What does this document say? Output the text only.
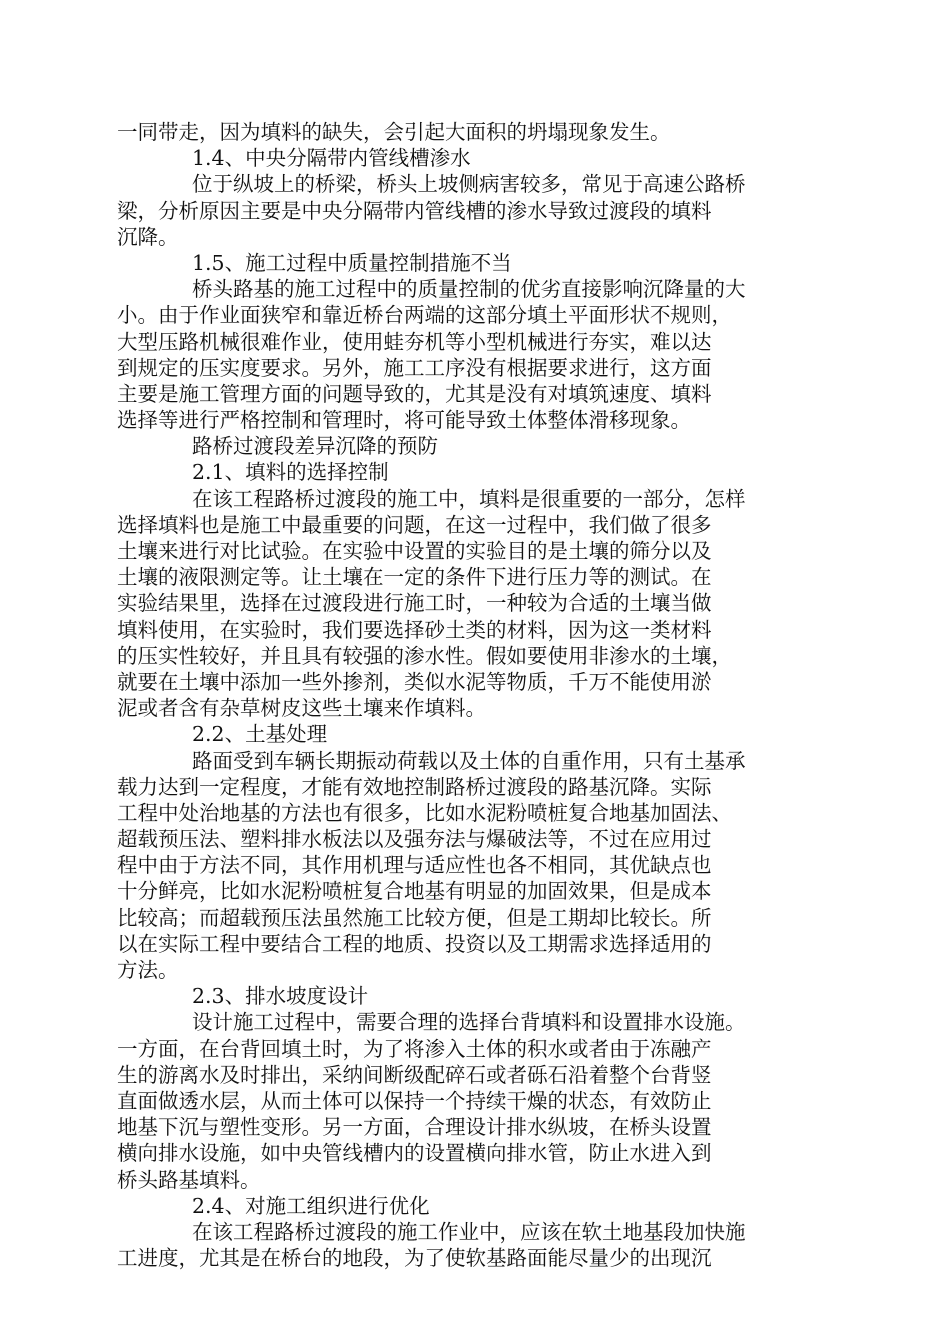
一同带走，因为填料的缺失，会引起大面积的坍塌现象发生。
1.4、中央分隔带内管线槽渗水
位于纵坡上的桥梁，桥头上坡侧病害较多，常见于高速公路桥
梁，分析原因主要是中央分隔带内管线槽的渗水导致过渡段的填料
沉降。
1.5、施工过程中质量控制措施不当
桥头路基的施工过程中的质量控制的优劣直接影响沉降量的大
小。由于作业面狭窄和靠近桥台两端的这部分填土平面形状不规则，
大型压路机械很难作业，使用蛙夯机等小型机械进行夯实，难以达
到规定的压实度要求。另外，施工工序没有根据要求进行，这方面
主要是施工管理方面的问题导致的，尤其是没有对填筑速度、填料
选择等进行严格控制和管理时，将可能导致土体整体滑移现象。
路桥过渡段差异沉降的预防
2.1、填料的选择控制
在该工程路桥过渡段的施工中，填料是很重要的一部分，怎样
选择填料也是施工中最重要的问题，在这一过程中，我们做了很多
土壤来进行对比试验。在实验中设置的实验目的是土壤的筛分以及
土壤的液限测定等。让土壤在一定的条件下进行压力等的测试。在
实验结果里，选择在过渡段进行施工时，一种较为合适的土壤当做
填料使用，在实验时，我们要选择砂土类的材料，因为这一类材料
的压实性较好，并且具有较强的渗水性。假如要使用非渗水的土壤，
就要在土壤中添加一些外掺剂，类似水泥等物质，千万不能使用淤
泥或者含有杂草树皮这些土壤来作填料。
2.2、土基处理
路面受到车辆长期振动荷载以及土体的自重作用，只有土基承
载力达到一定程度，才能有效地控制路桥过渡段的路基沉降。实际
工程中处治地基的方法也有很多，比如水泥粉喷桩复合地基加固法、
超载预压法、塑料排水板法以及强夯法与爆破法等，不过在应用过
程中由于方法不同，其作用机理与适应性也各不相同，其优缺点也
十分鲜亮，比如水泥粉喷桩复合地基有明显的加固效果，但是成本
比较高；而超载预压法虽然施工比较方便，但是工期却比较长。所
以在实际工程中要结合工程的地质、投资以及工期需求选择适用的
方法。
2.3、排水坡度设计
设计施工过程中，需要合理的选择台背填料和设置排水设施。
一方面，在台背回填土时，为了将渗入土体的积水或者由于冻融产
生的游离水及时排出，采纳间断级配碎石或者砾石沿着整个台背竖
直面做透水层，从而土体可以保持一个持续干燥的状态，有效防止
地基下沉与塑性变形。另一方面，合理设计排水纵坡，在桥头设置
横向排水设施，如中央管线槽内的设置横向排水管，防止水进入到
桥头路基填料。
2.4、对施工组织进行优化
在该工程路桥过渡段的施工作业中，应该在软土地基段加快施
工进度，尤其是在桥台的地段，为了使软基路面能尽量少的出现沉
